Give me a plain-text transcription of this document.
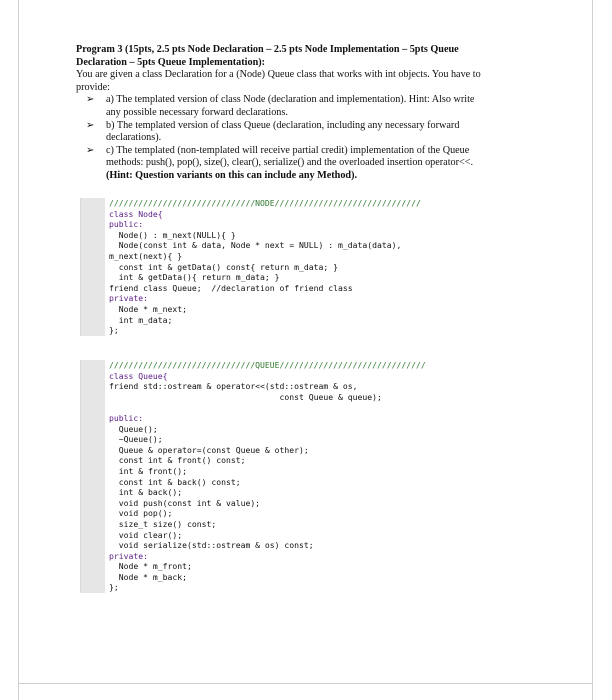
Program 3 (15pts, 2.5 pts Node Declaration – 2.5 pts Node Implementation – 5pts Queue
Declaration – 5pts Queue Implementation):
You are given a class Declaration for a (Node) Queue class that works with int objects. You have to
provide:
➢ a) The templated version of class Node (declaration and implementation). Hint: Also write
any possible necessary forward declarations.
➢ b) The templated version of class Queue (declaration, including any necessary forward
declarations).
➢ c) The templated (non-templated will receive partial credit) implementation of the Queue
methods: push(), pop(), size(), clear(), serialize() and the overloaded insertion operator<<.
(Hint: Question variants on this can include any Method).
//////////////////////////////NODE//////////////////////////////
class Node{
public:
Node() : m_next(NULL){ }
Node(const int & data, Node * next = NULL) : m_data(data),
m_next(next){ }
const int & getData() const{ return m_data; }
int & getData(){ return m_data; }
friend class Queue;  //declaration of friend class
private:
Node * m_next;
int m_data;
};
//////////////////////////////QUEUE//////////////////////////////
class Queue{
friend std::ostream & operator<<(std::ostream & os,
const Queue & queue);
public:
Queue();
~Queue();
Queue & operator=(const Queue & other);
const int & front() const;
int & front();
const int & back() const;
int & back();
void push(const int & value);
void pop();
size_t size() const;
void clear();
void serialize(std::ostream & os) const;
private:
Node * m_front;
Node * m_back;
};
